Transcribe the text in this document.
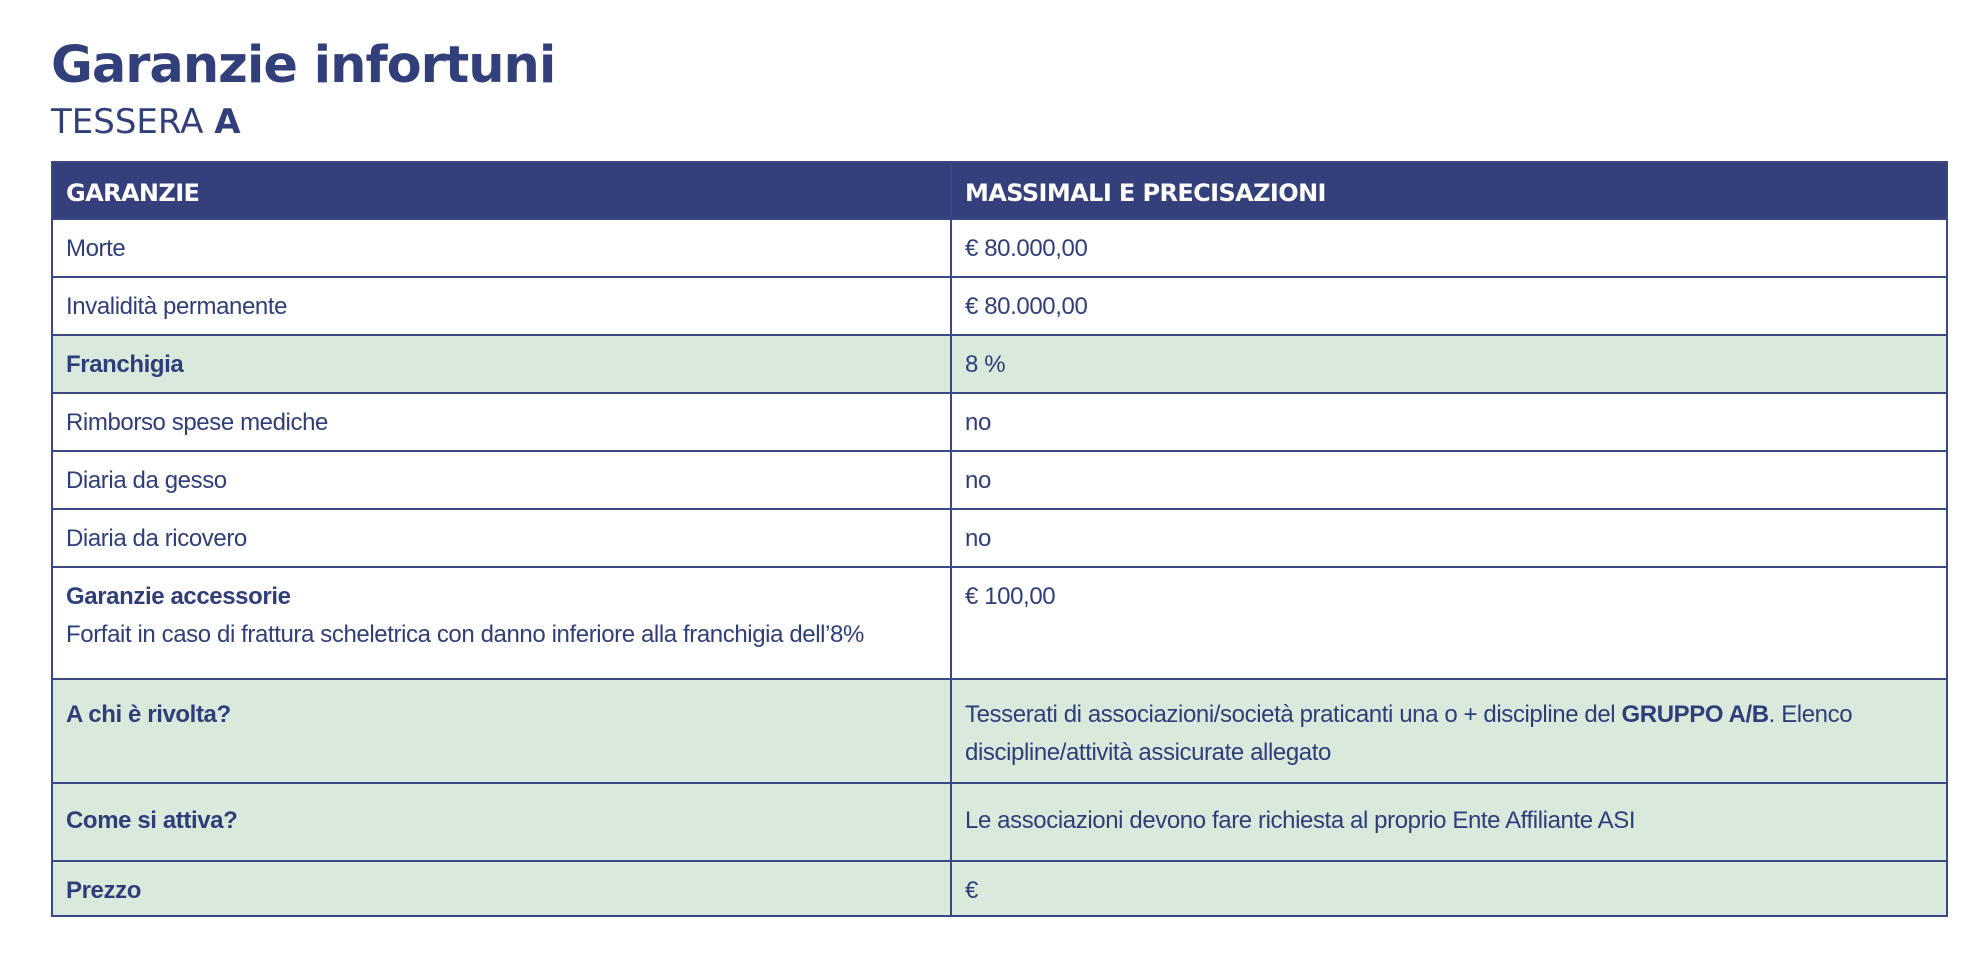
Garanzie infortuni
TESSERA A
GARANZIE	MASSIMALI E PRECISAZIONI
Morte	€ 80.000,00
Invalidità permanente	€ 80.000,00
Franchigia	8 %
Rimborso spese mediche	no
Diaria da gesso	no
Diaria da ricovero	no

Garanzie accessorie
Forfait in caso di frattura scheletrica con danno inferiore alla franchigia dell’8%	€ 100,00
A chi è rivolta?	Tesserati di associazioni/società praticanti una o + discipline del GRUPPO A/B. Elenco discipline/attività assicurate allegato
Come si attiva?	Le associazioni devono fare richiesta al proprio Ente Affiliante ASI
Prezzo	€
